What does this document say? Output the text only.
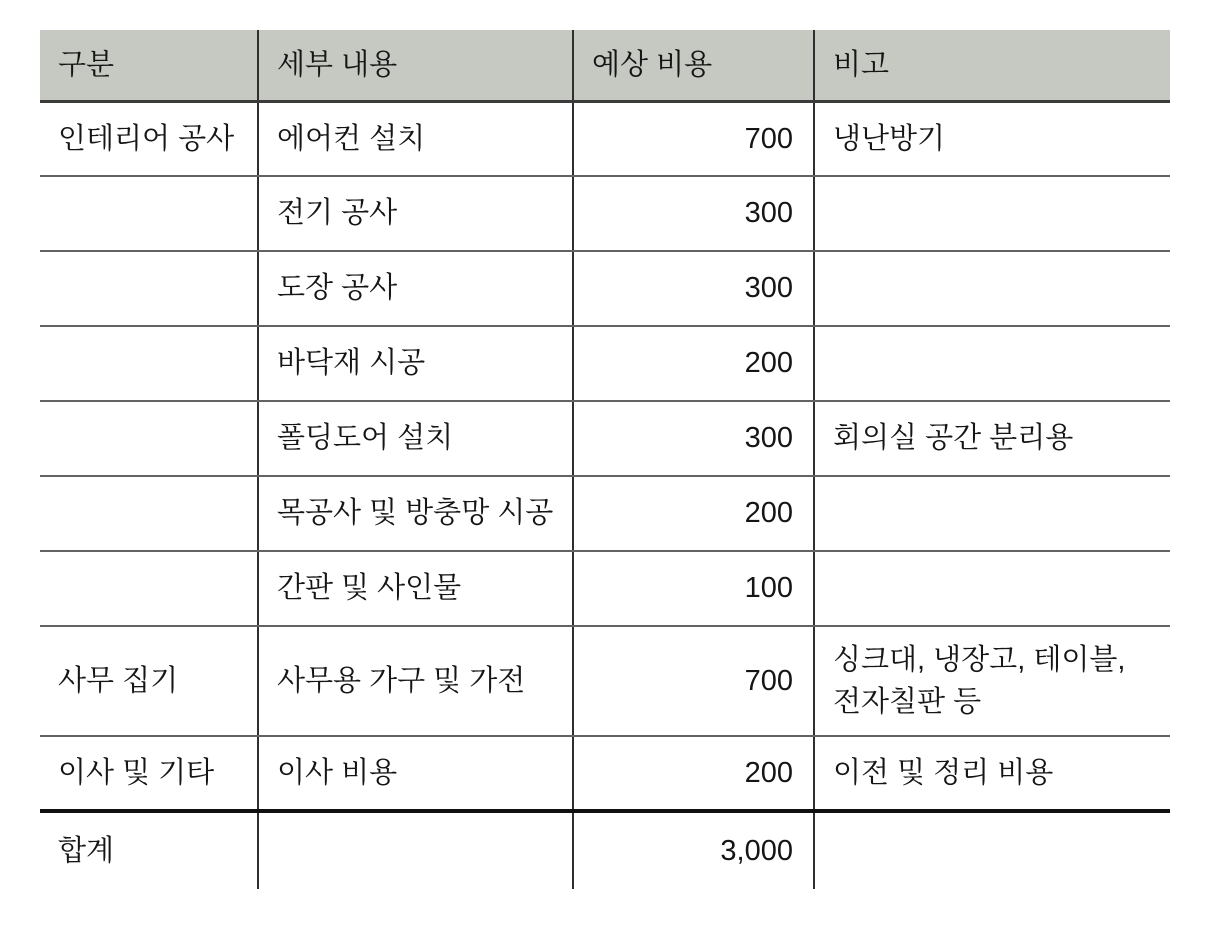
구분	세부 내용	예상 비용	비고
인테리어 공사	에어컨 설치	700	냉난방기
	전기 공사	300	
	도장 공사	300	
	바닥재 시공	200	
	폴딩도어 설치	300	회의실 공간 분리용
	목공사 및 방충망 시공	200	
	간판 및 사인물	100	
사무 집기	사무용 가구 및 가전	700	싱크대, 냉장고, 테이블, 전자칠판 등
이사 및 기타	이사 비용	200	이전 및 정리 비용
합계		3,000	
